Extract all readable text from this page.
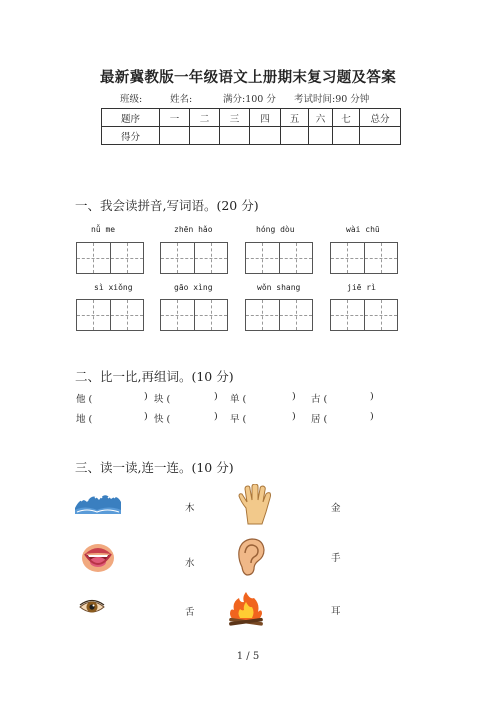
最新冀教版一年级语文上册期末复习题及答案
班级:	姓名:	满分:100 分 考试时间:90 分钟
题序	一	二	三	四	五	六	七	总分
得分								
一、我会读拼音,写词语。(20 分)
nǚ me	zhēn hǎo	hóng dòu	wài chū
sì xiǒng	gāo xìng	wǒn shang	jiē rì
二、比一比,再组词。(10 分)
他 (	) 块 (	) 单 (	) 古 (	)
地 (	) 快 (	) 早 (	) 居 (	)
三、读一读,连一连。(10 分)
木
水
舌
金
手
耳
1 / 5
